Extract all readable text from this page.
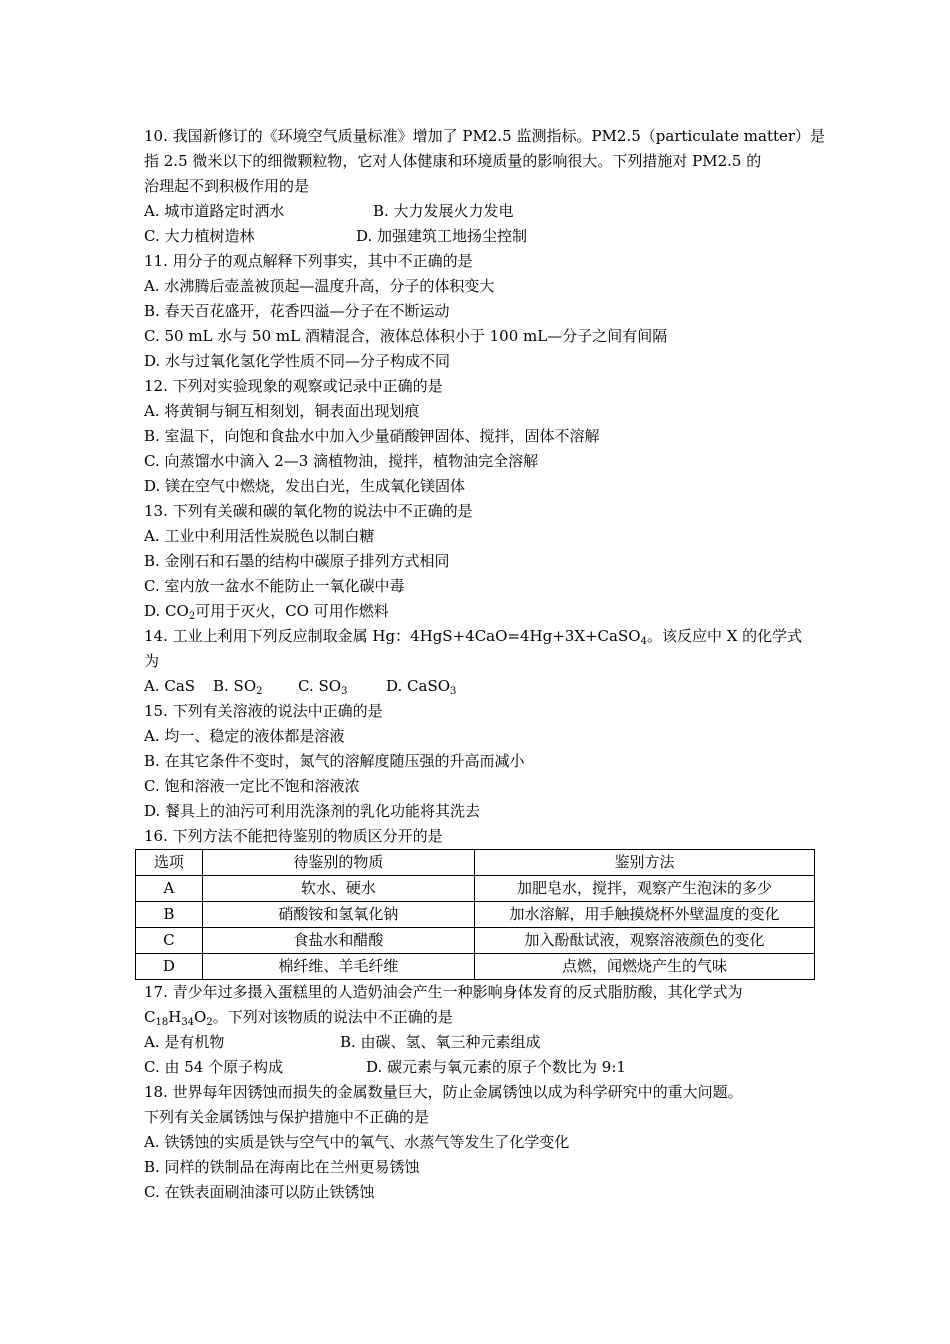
10. 我国新修订的《环境空气质量标准》增加了 PM2.5 监测指标。PM2.5（particulate matter）是
指 2.5 微米以下的细微颗粒物，它对人体健康和环境质量的影响很大。下列措施对 PM2.5 的
治理起不到积极作用的是
A. 城市道路定时洒水	B. 大力发展火力发电
C. 大力植树造林	D. 加强建筑工地扬尘控制
11. 用分子的观点解释下列事实，其中不正确的是
A. 水沸腾后壶盖被顶起—温度升高，分子的体积变大
B. 春天百花盛开，花香四溢—分子在不断运动
C. 50 mL 水与 50 mL 酒精混合，液体总体积小于 100 mL—分子之间有间隔
D. 水与过氧化氢化学性质不同—分子构成不同
12. 下列对实验现象的观察或记录中正确的是
A. 将黄铜与铜互相刻划，铜表面出现划痕
B. 室温下，向饱和食盐水中加入少量硝酸钾固体、搅拌，固体不溶解
C. 向蒸馏水中滴入 2—3 滴植物油，搅拌，植物油完全溶解
D. 镁在空气中燃烧，发出白光，生成氧化镁固体
13. 下列有关碳和碳的氧化物的说法中不正确的是
A. 工业中利用活性炭脱色以制白糖
B. 金刚石和石墨的结构中碳原子排列方式相同
C. 室内放一盆水不能防止一氧化碳中毒
D. $CO_2$可用于灭火，CO 可用作燃料
14. 工业上利用下列反应制取金属 Hg：4HgS+4CaO=4Hg+3X+CaSO$_4$。该反应中 X 的化学式
为
A. CaS B. $SO_2$ C. $SO_3$	D. CaSO$_3$
15. 下列有关溶液的说法中正确的是
A. 均一、稳定的液体都是溶液
B. 在其它条件不变时，氮气的溶解度随压强的升高而减小
C. 饱和溶液一定比不饱和溶液浓
D. 餐具上的油污可利用洗涤剂的乳化功能将其洗去
16. 下列方法不能把待鉴别的物质区分开的是
选项	待鉴别的物质	鉴别方法
A	软水、硬水	加肥皂水，搅拌，观察产生泡沫的多少
B	硝酸铵和氢氧化钠	加水溶解，用手触摸烧杯外壁温度的变化
C	食盐水和醋酸	加入酚酞试液，观察溶液颜色的变化
D	棉纤维、羊毛纤维	点燃，闻燃烧产生的气味
17. 青少年过多摄入蛋糕里的人造奶油会产生一种影响身体发育的反式脂肪酸，其化学式为
$C_{18}H_{34}O_2$。下列对该物质的说法中不正确的是
A. 是有机物	B. 由碳、氢、氧三种元素组成
C. 由 54 个原子构成	D. 碳元素与氧元素的原子个数比为 9:1
18. 世界每年因锈蚀而损失的金属数量巨大，防止金属锈蚀以成为科学研究中的重大问题。
下列有关金属锈蚀与保护措施中不正确的是
A. 铁锈蚀的实质是铁与空气中的氧气、水蒸气等发生了化学变化
B. 同样的铁制品在海南比在兰州更易锈蚀
C. 在铁表面刷油漆可以防止铁锈蚀
